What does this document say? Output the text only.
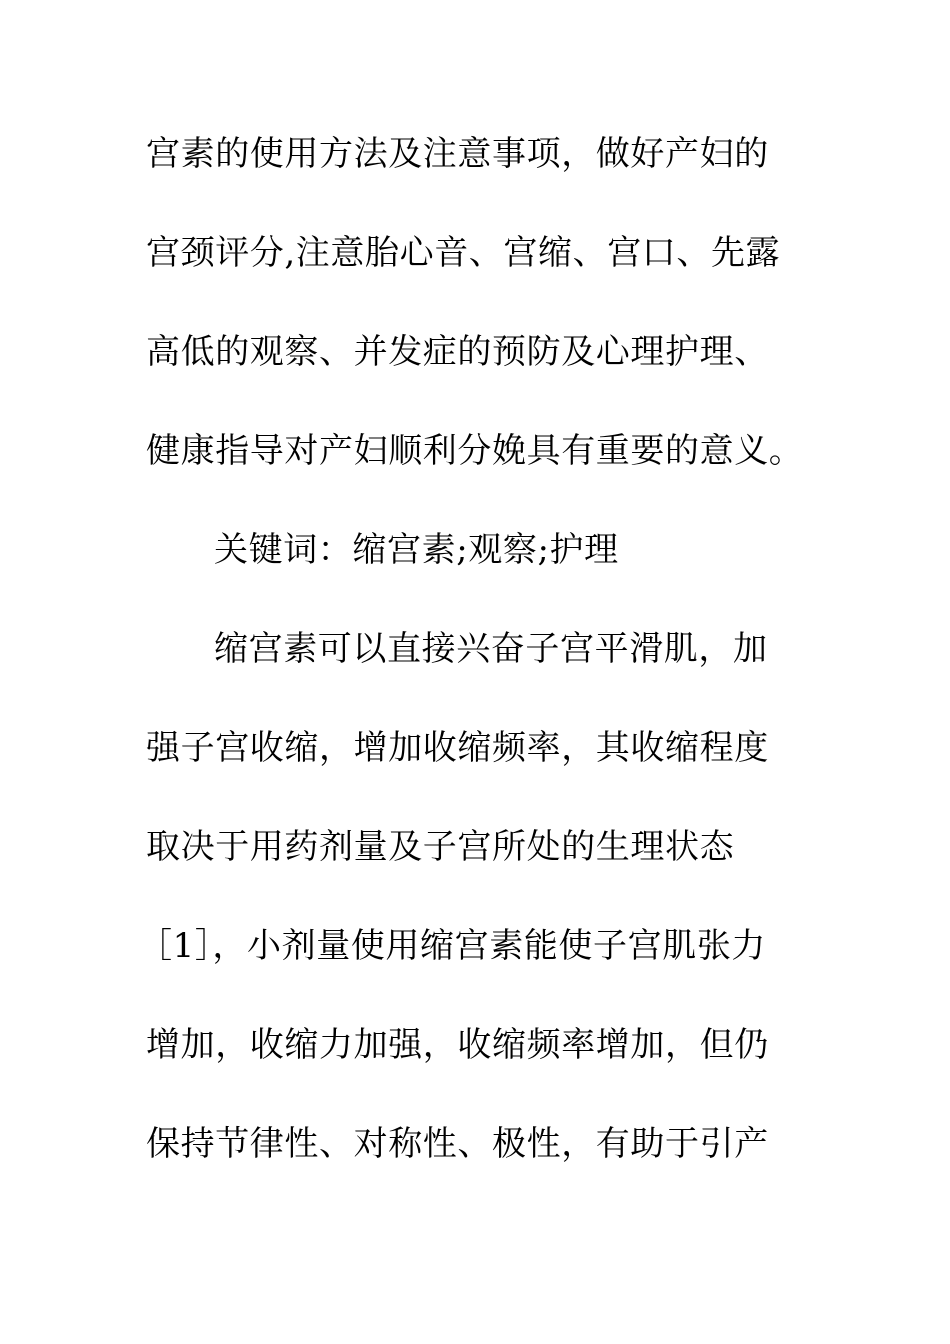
宫素的使用方法及注意事项，做好产妇的
宫颈评分,注意胎心音、宫缩、宫口、先露
高低的观察、并发症的预防及心理护理、
健康指导对产妇顺利分娩具有重要的意义。
关键词：缩宫素;观察;护理
缩宫素可以直接兴奋子宫平滑肌，加
强子宫收缩，增加收缩频率，其收缩程度
取决于用药剂量及子宫所处的生理状态
［1］，小剂量使用缩宫素能使子宫肌张力
增加，收缩力加强，收缩频率增加，但仍
保持节律性、对称性、极性，有助于引产
